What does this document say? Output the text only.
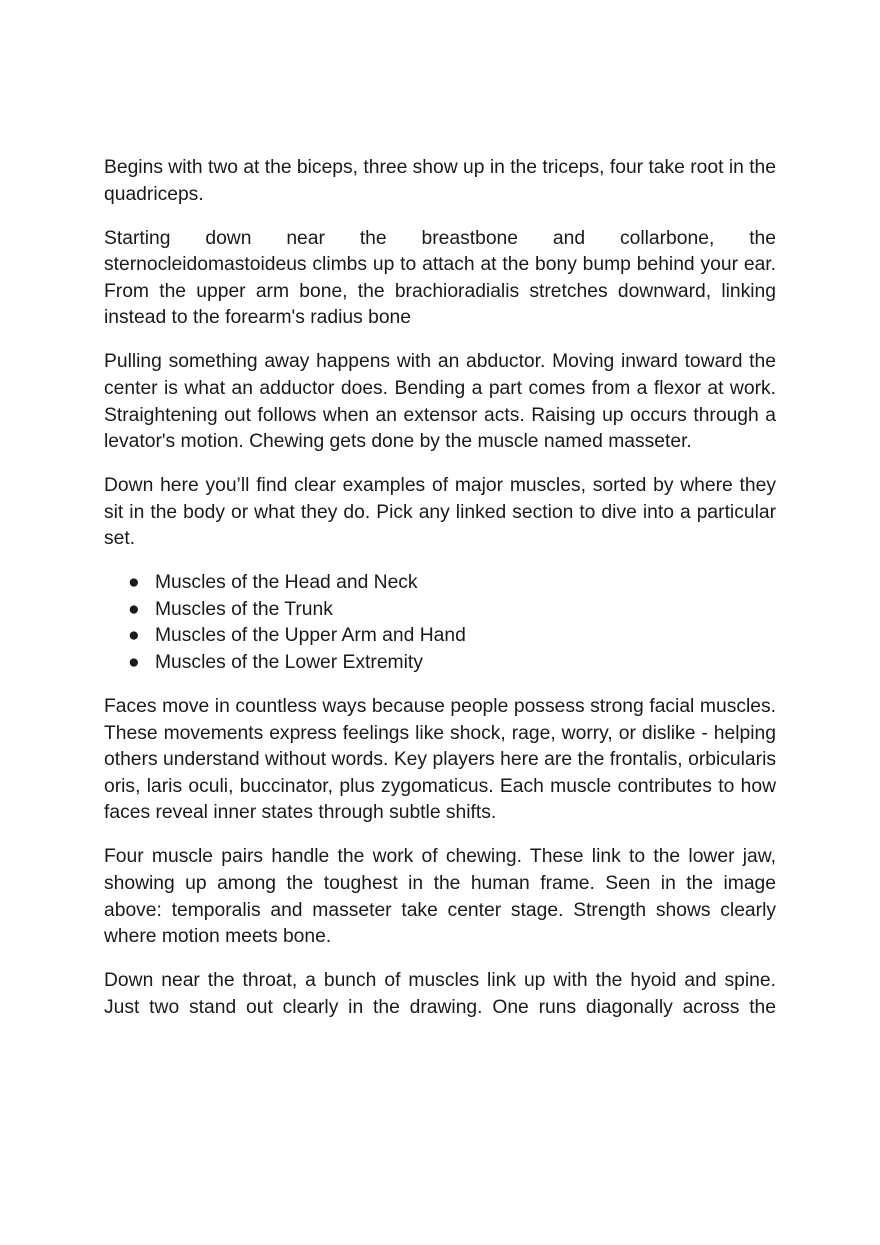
Begins with two at the biceps, three show up in the triceps, four take root in the quadriceps.

Starting down near the breastbone and collarbone, the sternocleidomastoideus climbs up to attach at the bony bump behind your ear. From the upper arm bone, the brachioradialis stretches downward, linking instead to the forearm's radius bone

Pulling something away happens with an abductor. Moving inward toward the center is what an adductor does. Bending a part comes from a flexor at work. Straightening out follows when an extensor acts. Raising up occurs through a levator's motion. Chewing gets done by the muscle named masseter.

Down here you’ll find clear examples of major muscles, sorted by where they sit in the body or what they do. Pick any linked section to dive into a particular set.

● Muscles of the Head and Neck
● Muscles of the Trunk
● Muscles of the Upper Arm and Hand
● Muscles of the Lower Extremity

Faces move in countless ways because people possess strong facial muscles. These movements express feelings like shock, rage, worry, or dislike - helping others understand without words. Key players here are the frontalis, orbicularis oris, laris oculi, buccinator, plus zygomaticus. Each muscle contributes to how faces reveal inner states through subtle shifts.

Four muscle pairs handle the work of chewing. These link to the lower jaw, showing up among the toughest in the human frame. Seen in the image above: temporalis and masseter take center stage. Strength shows clearly where motion meets bone.

Down near the throat, a bunch of muscles link up with the hyoid and spine. Just two stand out clearly in the drawing. One runs diagonally across the
